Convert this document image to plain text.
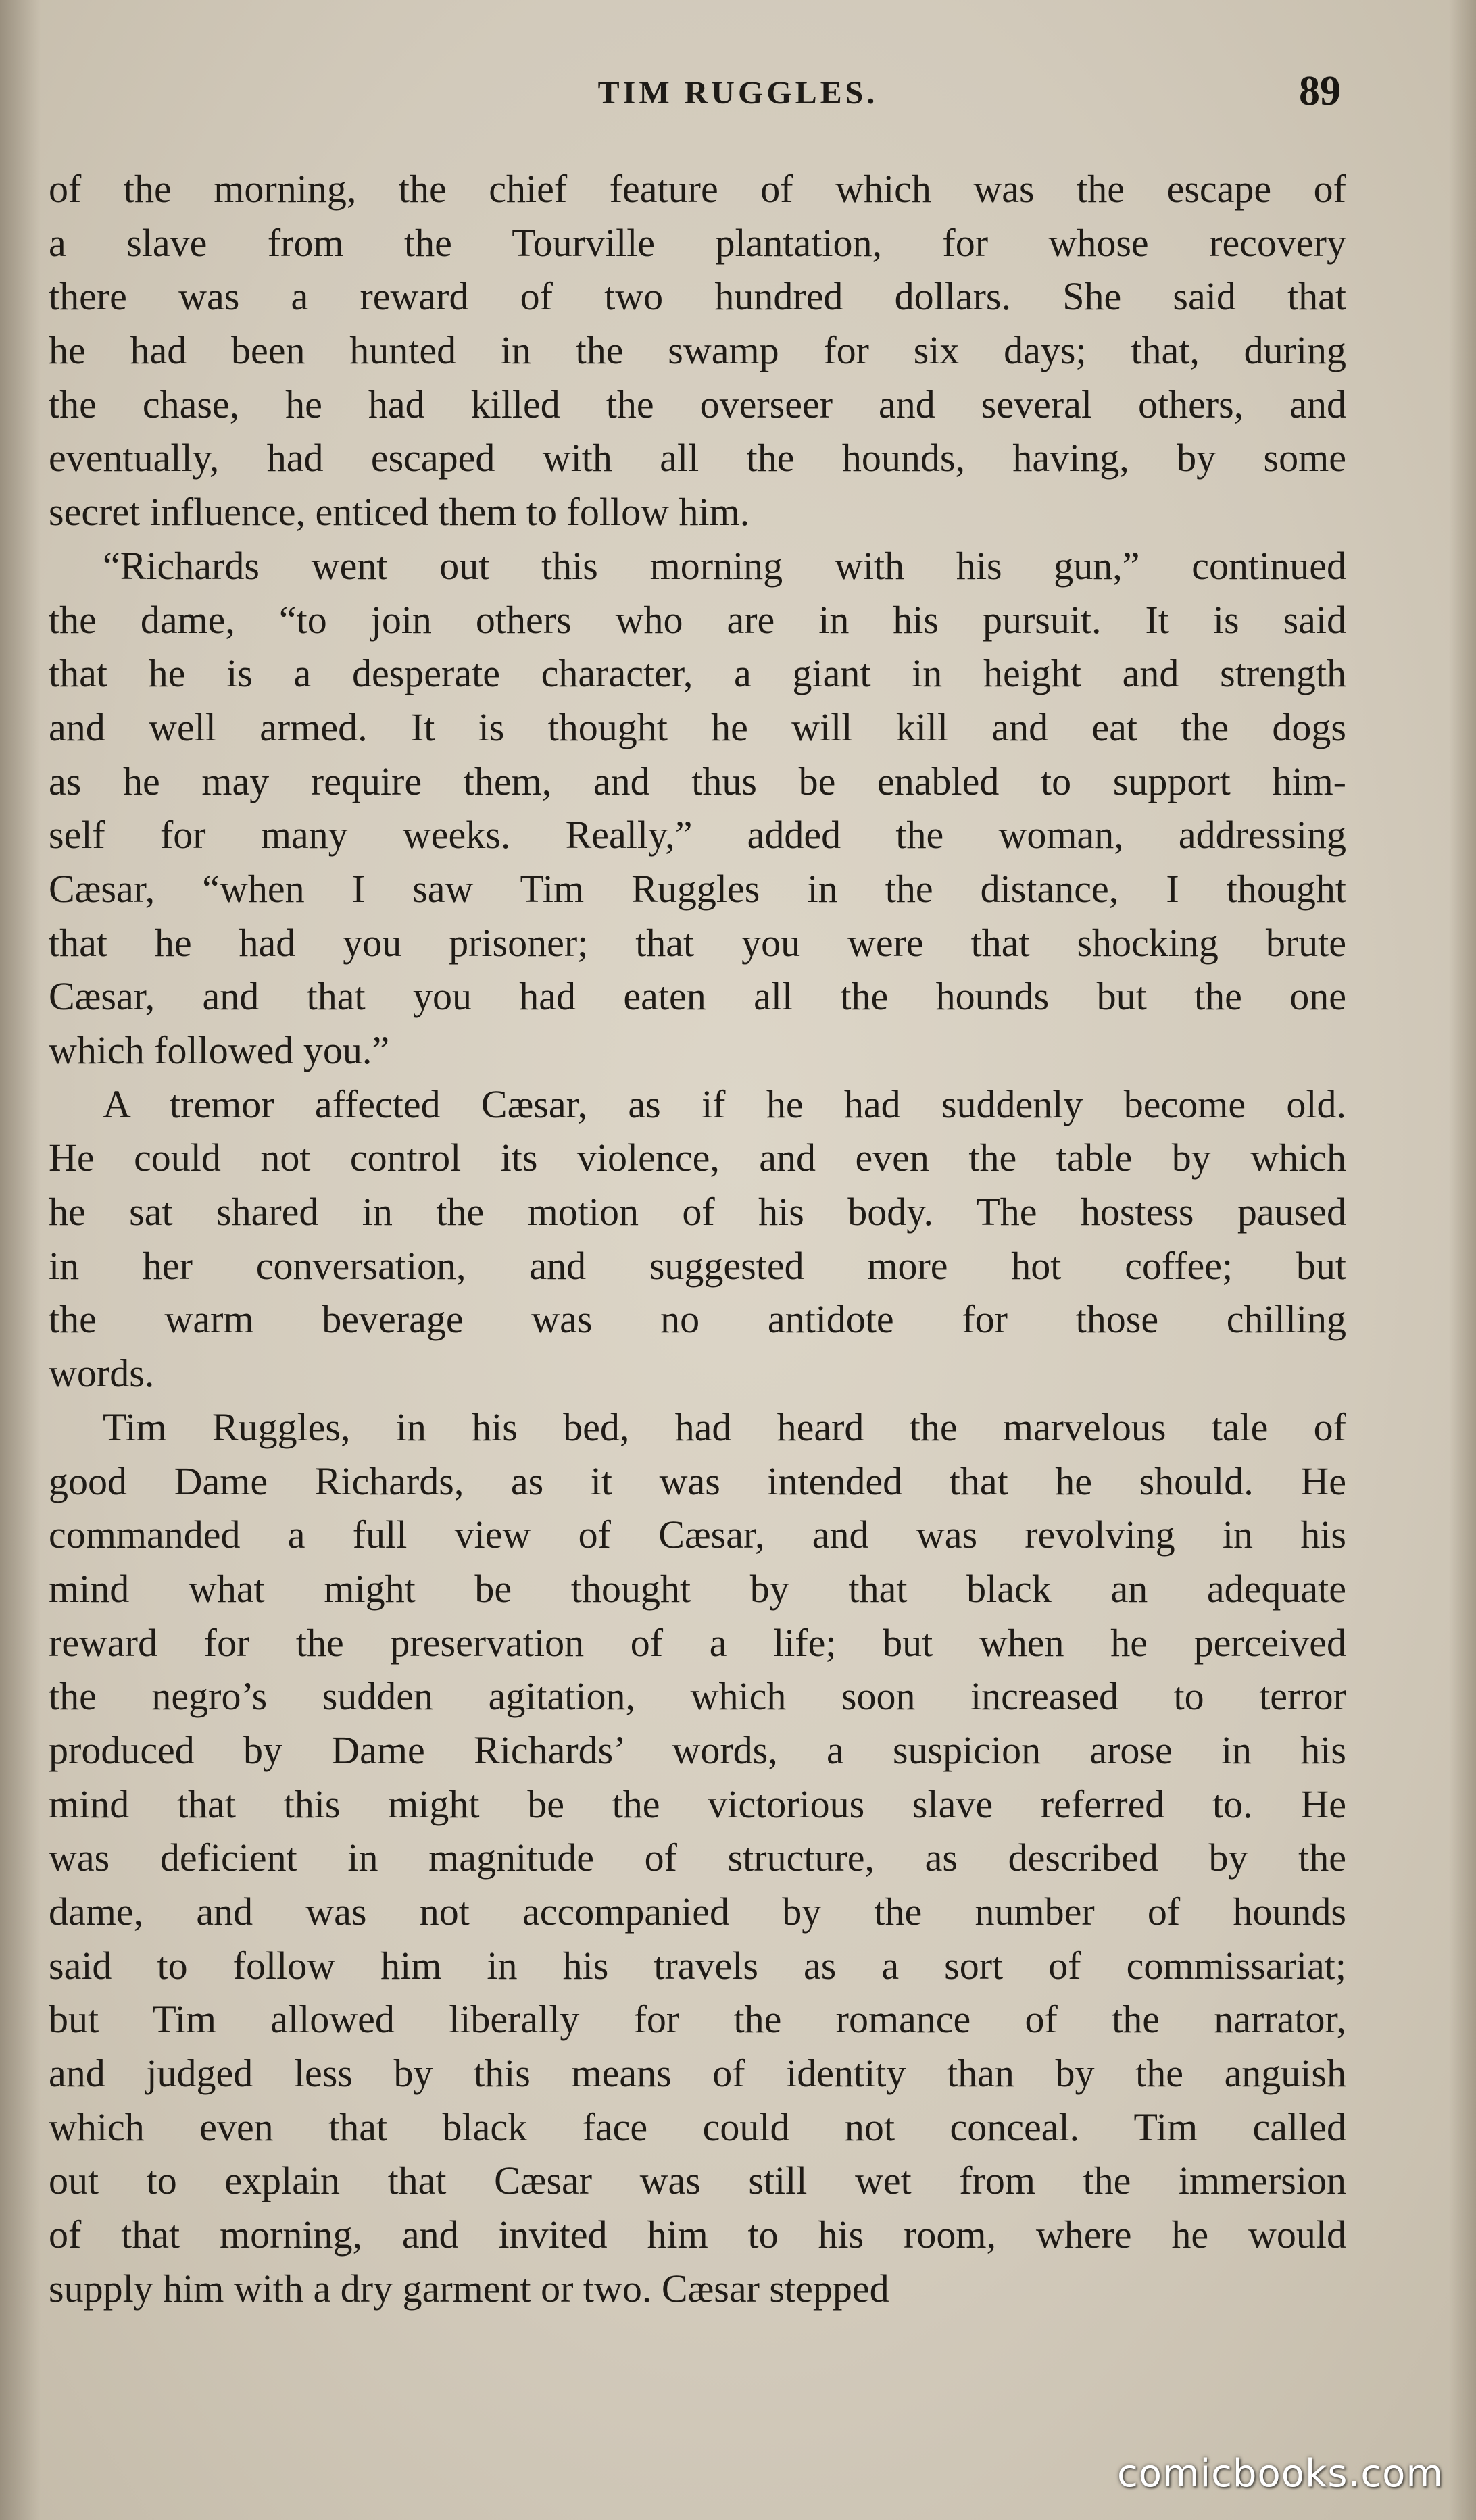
TIM RUGGLES.	89
of the morning, the chief feature of which was the escape of
a slave from the Tourville plantation, for whose recovery
there was a reward of two hundred dollars. She said that
he had been hunted in the swamp for six days; that, during
the chase, he had killed the overseer and several others, and
eventually, had escaped with all the hounds, having, by some
secret influence, enticed them to follow him.
“Richards went out this morning with his gun,” continued
the dame, “to join others who are in his pursuit. It is said
that he is a desperate character, a giant in height and strength
and well armed. It is thought he will kill and eat the dogs
as he may require them, and thus be enabled to support him-
self for many weeks. Really,” added the woman, addressing
Cæsar, “when I saw Tim Ruggles in the distance, I thought
that he had you prisoner; that you were that shocking brute
Cæsar, and that you had eaten all the hounds but the one
which followed you.”
A tremor affected Cæsar, as if he had suddenly become old.
He could not control its violence, and even the table by which
he sat shared in the motion of his body. The hostess paused
in her conversation, and suggested more hot coffee; but
the warm beverage was no antidote for those chilling
words.
Tim Ruggles, in his bed, had heard the marvelous tale of
good Dame Richards, as it was intended that he should. He
commanded a full view of Cæsar, and was revolving in his
mind what might be thought by that black an adequate
reward for the preservation of a life; but when he perceived
the negro’s sudden agitation, which soon increased to terror
produced by Dame Richards’ words, a suspicion arose in his
mind that this might be the victorious slave referred to. He
was deficient in magnitude of structure, as described by the
dame, and was not accompanied by the number of hounds
said to follow him in his travels as a sort of commissariat;
but Tim allowed liberally for the romance of the narrator,
and judged less by this means of identity than by the anguish
which even that black face could not conceal. Tim called
out to explain that Cæsar was still wet from the immersion
of that morning, and invited him to his room, where he would
supply him with a dry garment or two. Cæsar stepped
comicbooks.com
